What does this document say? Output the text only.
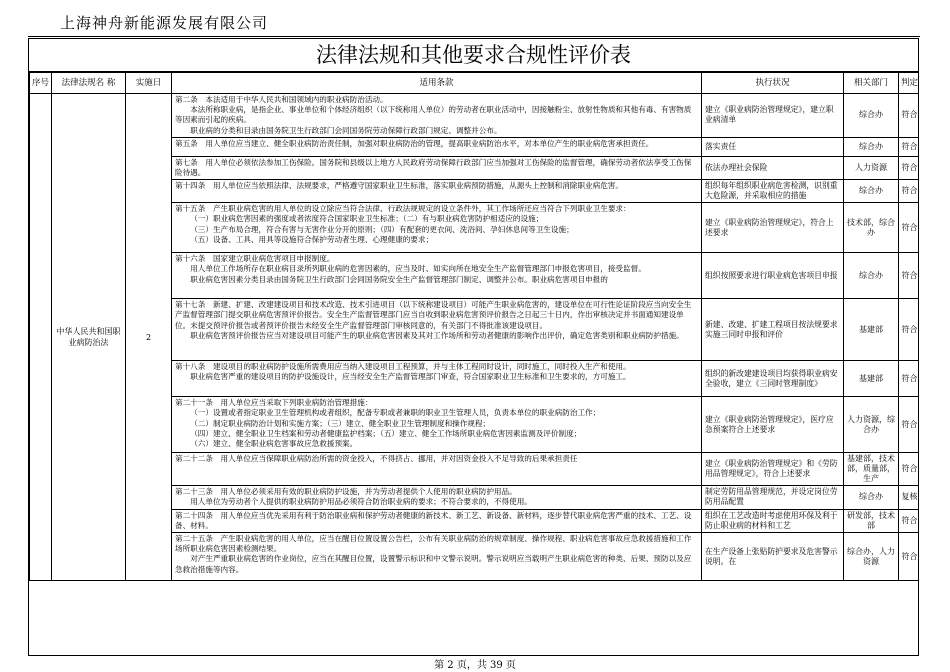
上海神舟新能源发展有限公司
法律法规和其他要求合规性评价表
序号	法律法规名 称	实施日	适用条款	执行状况	相关部门	判定
	中华人民共和国职业病防治法	2	第二条　本法适用于中华人民共和国领域内的职业病防治活动。

本法所称职业病，是指企业、事业单位和个体经济组织（以下统称用人单位）的劳动者在职业活动中，因接触粉尘、放射性物质和其他有毒、有害物质等因素而引起的疾病。

职业病的分类和目录由国务院卫生行政部门会同国务院劳动保障行政部门规定、调整并公布。	建立《职业病防治管理规定》，建立职业病清单	综合办	符合

			第五条　用人单位应当建立、健全职业病防治责任制，加强对职业病防治的管理，提高职业病防治水平，对本单位产生的职业病危害承担责任。	落实责任	综合办	符合

			第七条　用人单位必须依法参加工伤保险。国务院和县级以上地方人民政府劳动保障行政部门应当加强对工伤保险的监督管理，确保劳动者依法享受工伤保险待遇。	依法办理社会保险	人力资源	符合

			第十四条　用人单位应当依照法律、法规要求，严格遵守国家职业卫生标准，落实职业病预防措施，从源头上控制和消除职业病危害。	组织每年组织职业病危害检测，识别重大危险源，并采取相应的措施	综合办	符合

			第十五条　产生职业病危害的用人单位的设立除应当符合法律、行政法规规定的设立条件外，其工作场所还应当符合下列职业卫生要求：

（一）职业病危害因素的强度或者浓度符合国家职业卫生标准；（二）有与职业病危害防护相适应的设施；

（三）生产布局合理，符合有害与无害作业分开的原则；（四）有配套的更衣间、洗浴间、孕妇休息间等卫生设施；

（五）设备、工具、用具等设施符合保护劳动者生理、心理健康的要求；	建立《职业病防治管理规定》，符合上述要求	技术部，综合办	符合

			第十六条　国家建立职业病危害项目申报制度。

用人单位工作场所存在职业病目录所列职业病的危害因素的，应当及时、如实向所在地安全生产监督管理部门申报危害项目，接受监督。

职业病危害因素分类目录由国务院卫生行政部门会同国务院安全生产监督管理部门制定、调整并公布。职业病危害项目申报的	组织按照要求进行职业病危害项目申报	综合办	符合

			第十七条　新建、扩建、改建建设项目和技术改造、技术引进项目（以下统称建设项目）可能产生职业病危害的，建设单位在可行性论证阶段应当向安全生产监督管理部门提交职业病危害预评价报告。安全生产监督管理部门应当自收到职业病危害预评价报告之日起三十日内，作出审核决定并书面通知建设单位。未提交预评价报告或者预评价报告未经安全生产监督管理部门审核同意的，有关部门不得批准该建设项目。

职业病危害预评价报告应当对建设项目可能产生的职业病危害因素及其对工作场所和劳动者健康的影响作出评价，确定危害类别和职业病防护措施。	新建、改建、扩建工程项目按法规要求实施三同时申报和评价	基建部	符合

			第十八条　建设项目的职业病防护设施所需费用应当纳入建设项目工程预算，并与主体工程同时设计，同时施工，同时投入生产和使用。

职业病危害严重的建设项目的防护设施设计，应当经安全生产监督管理部门审查，符合国家职业卫生标准和卫生要求的，方可施工。	组织的新改建建设项目均获得职业病安全验收，建立《三同时管理制度》	基建部	符合

			第二十一条　用人单位应当采取下列职业病防治管理措施：

（一）设置或者指定职业卫生管理机构或者组织，配备专职或者兼职的职业卫生管理人员，负责本单位的职业病防治工作；

（二）制定职业病防治计划和实施方案；（三）建立、健全职业卫生管理制度和操作规程；

（四）建立、健全职业卫生档案和劳动者健康监护档案；（五）建立、健全工作场所职业病危害因素监测及评价制度；

（六）建立、健全职业病危害事故应急救援预案。	建立《职业病防治管理规定》，医疗应急预案符合上述要求	人力资源，综合办	符合

			第二十二条　用人单位应当保障职业病防治所需的资金投入，不得挤占、挪用，并对因资金投入不足导致的后果承担责任	建立《职业病防治管理规定》和《劳防用品管理规定》，符合上述要求	基建部，技术部，质量部，生产	符合

			第二十三条　用人单位必须采用有效的职业病防护设施，并为劳动者提供个人使用的职业病防护用品。

用人单位为劳动者个人提供的职业病防护用品必须符合防治职业病的要求；不符合要求的，不得使用。	制定劳防用品管理规范，并设定岗位劳防用品配置	综合办	复核

			第二十四条　用人单位应当优先采用有利于防治职业病和保护劳动者健康的新技术、新工艺、新设备、新材料，逐步替代职业病危害严重的技术、工艺、设备、材料。	组织在工艺改造时考虑使用环保及利于防止职业病的材料和工艺	研发部，技术部	符合

			第二十五条　产生职业病危害的用人单位，应当在醒目位置设置公告栏，公布有关职业病防治的规章制度、操作规程、职业病危害事故应急救援措施和工作场所职业病危害因素检测结果。

对产生严重职业病危害的作业岗位，应当在其醒目位置，设置警示标识和中文警示说明。警示说明应当载明产生职业病危害的种类、后果、预防以及应急救治措施等内容。	在生产设备上张贴防护要求及危害警示说明。在	综合办，人力资源	符合
第 2 页，共 39 页
